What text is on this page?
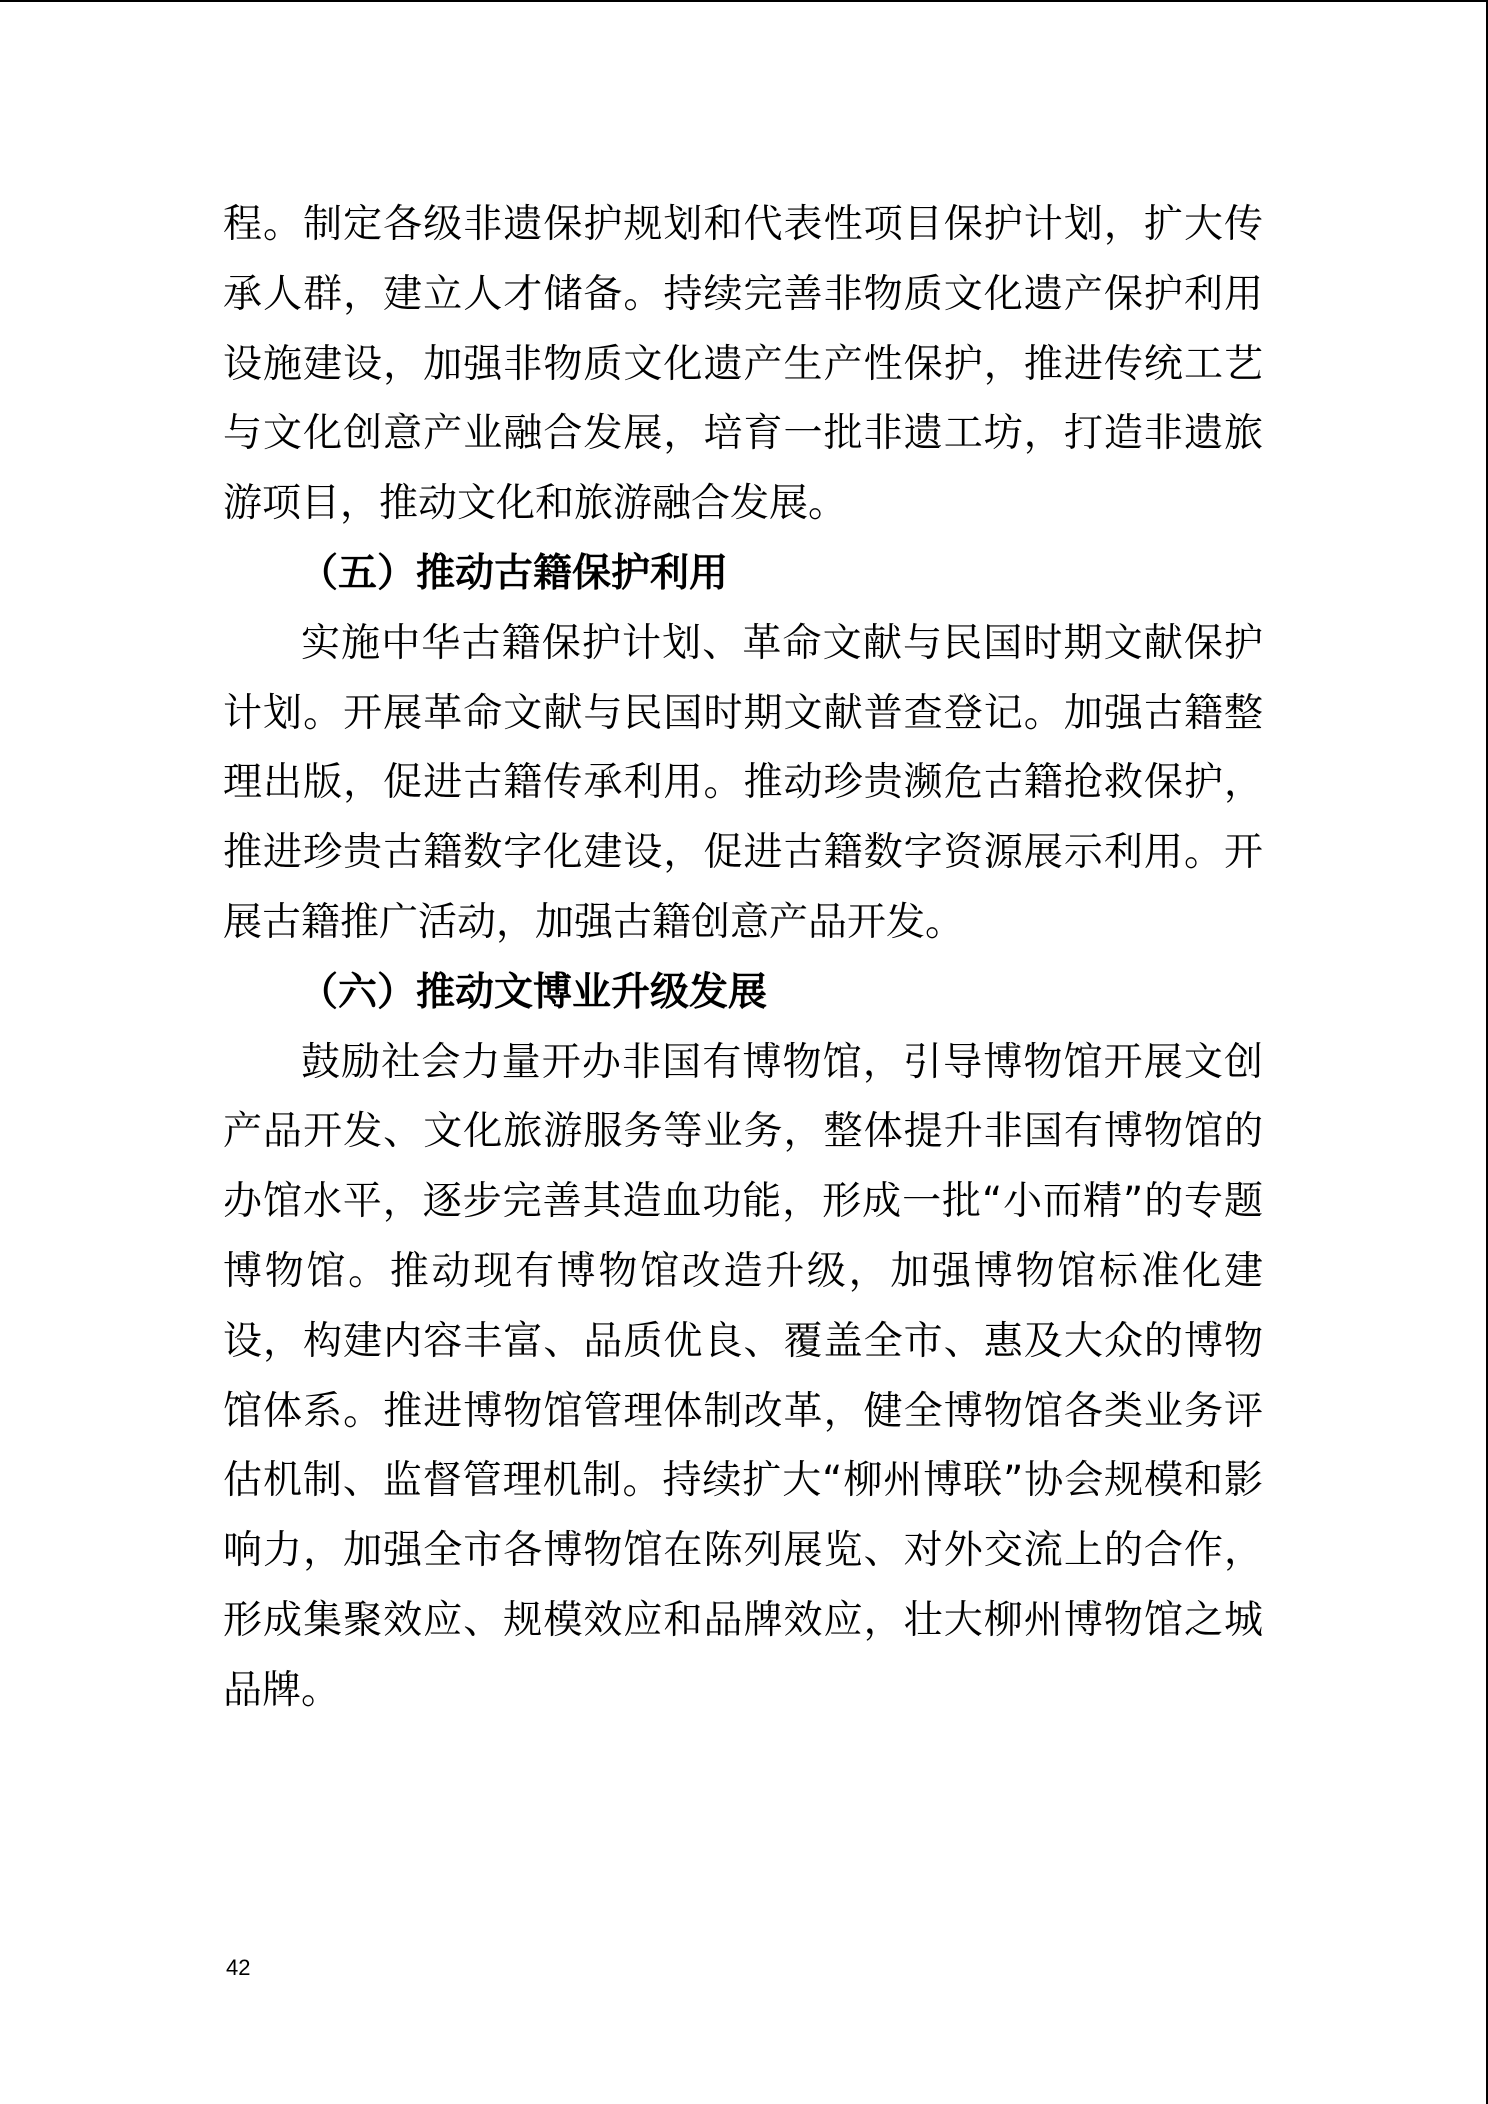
程。制定各级非遗保护规划和代表性项目保护计划，扩大传承人群，建立人才储备。持续完善非物质文化遗产保护利用设施建设，加强非物质文化遗产生产性保护，推进传统工艺与文化创意产业融合发展，培育一批非遗工坊，打造非遗旅游项目，推动文化和旅游融合发展。

（五）推动古籍保护利用

实施中华古籍保护计划、革命文献与民国时期文献保护计划。开展革命文献与民国时期文献普查登记。加强古籍整理出版，促进古籍传承利用。推动珍贵濒危古籍抢救保护，推进珍贵古籍数字化建设，促进古籍数字资源展示利用。开展古籍推广活动，加强古籍创意产品开发。

（六）推动文博业升级发展

鼓励社会力量开办非国有博物馆，引导博物馆开展文创产品开发、文化旅游服务等业务，整体提升非国有博物馆的办馆水平，逐步完善其造血功能，形成一批“小而精”的专题博物馆。推动现有博物馆改造升级，加强博物馆标准化建设，构建内容丰富、品质优良、覆盖全市、惠及大众的博物馆体系。推进博物馆管理体制改革，健全博物馆各类业务评估机制、监督管理机制。持续扩大“柳州博联”协会规模和影响力，加强全市各博物馆在陈列展览、对外交流上的合作，形成集聚效应、规模效应和品牌效应，壮大柳州博物馆之城品牌。

42
